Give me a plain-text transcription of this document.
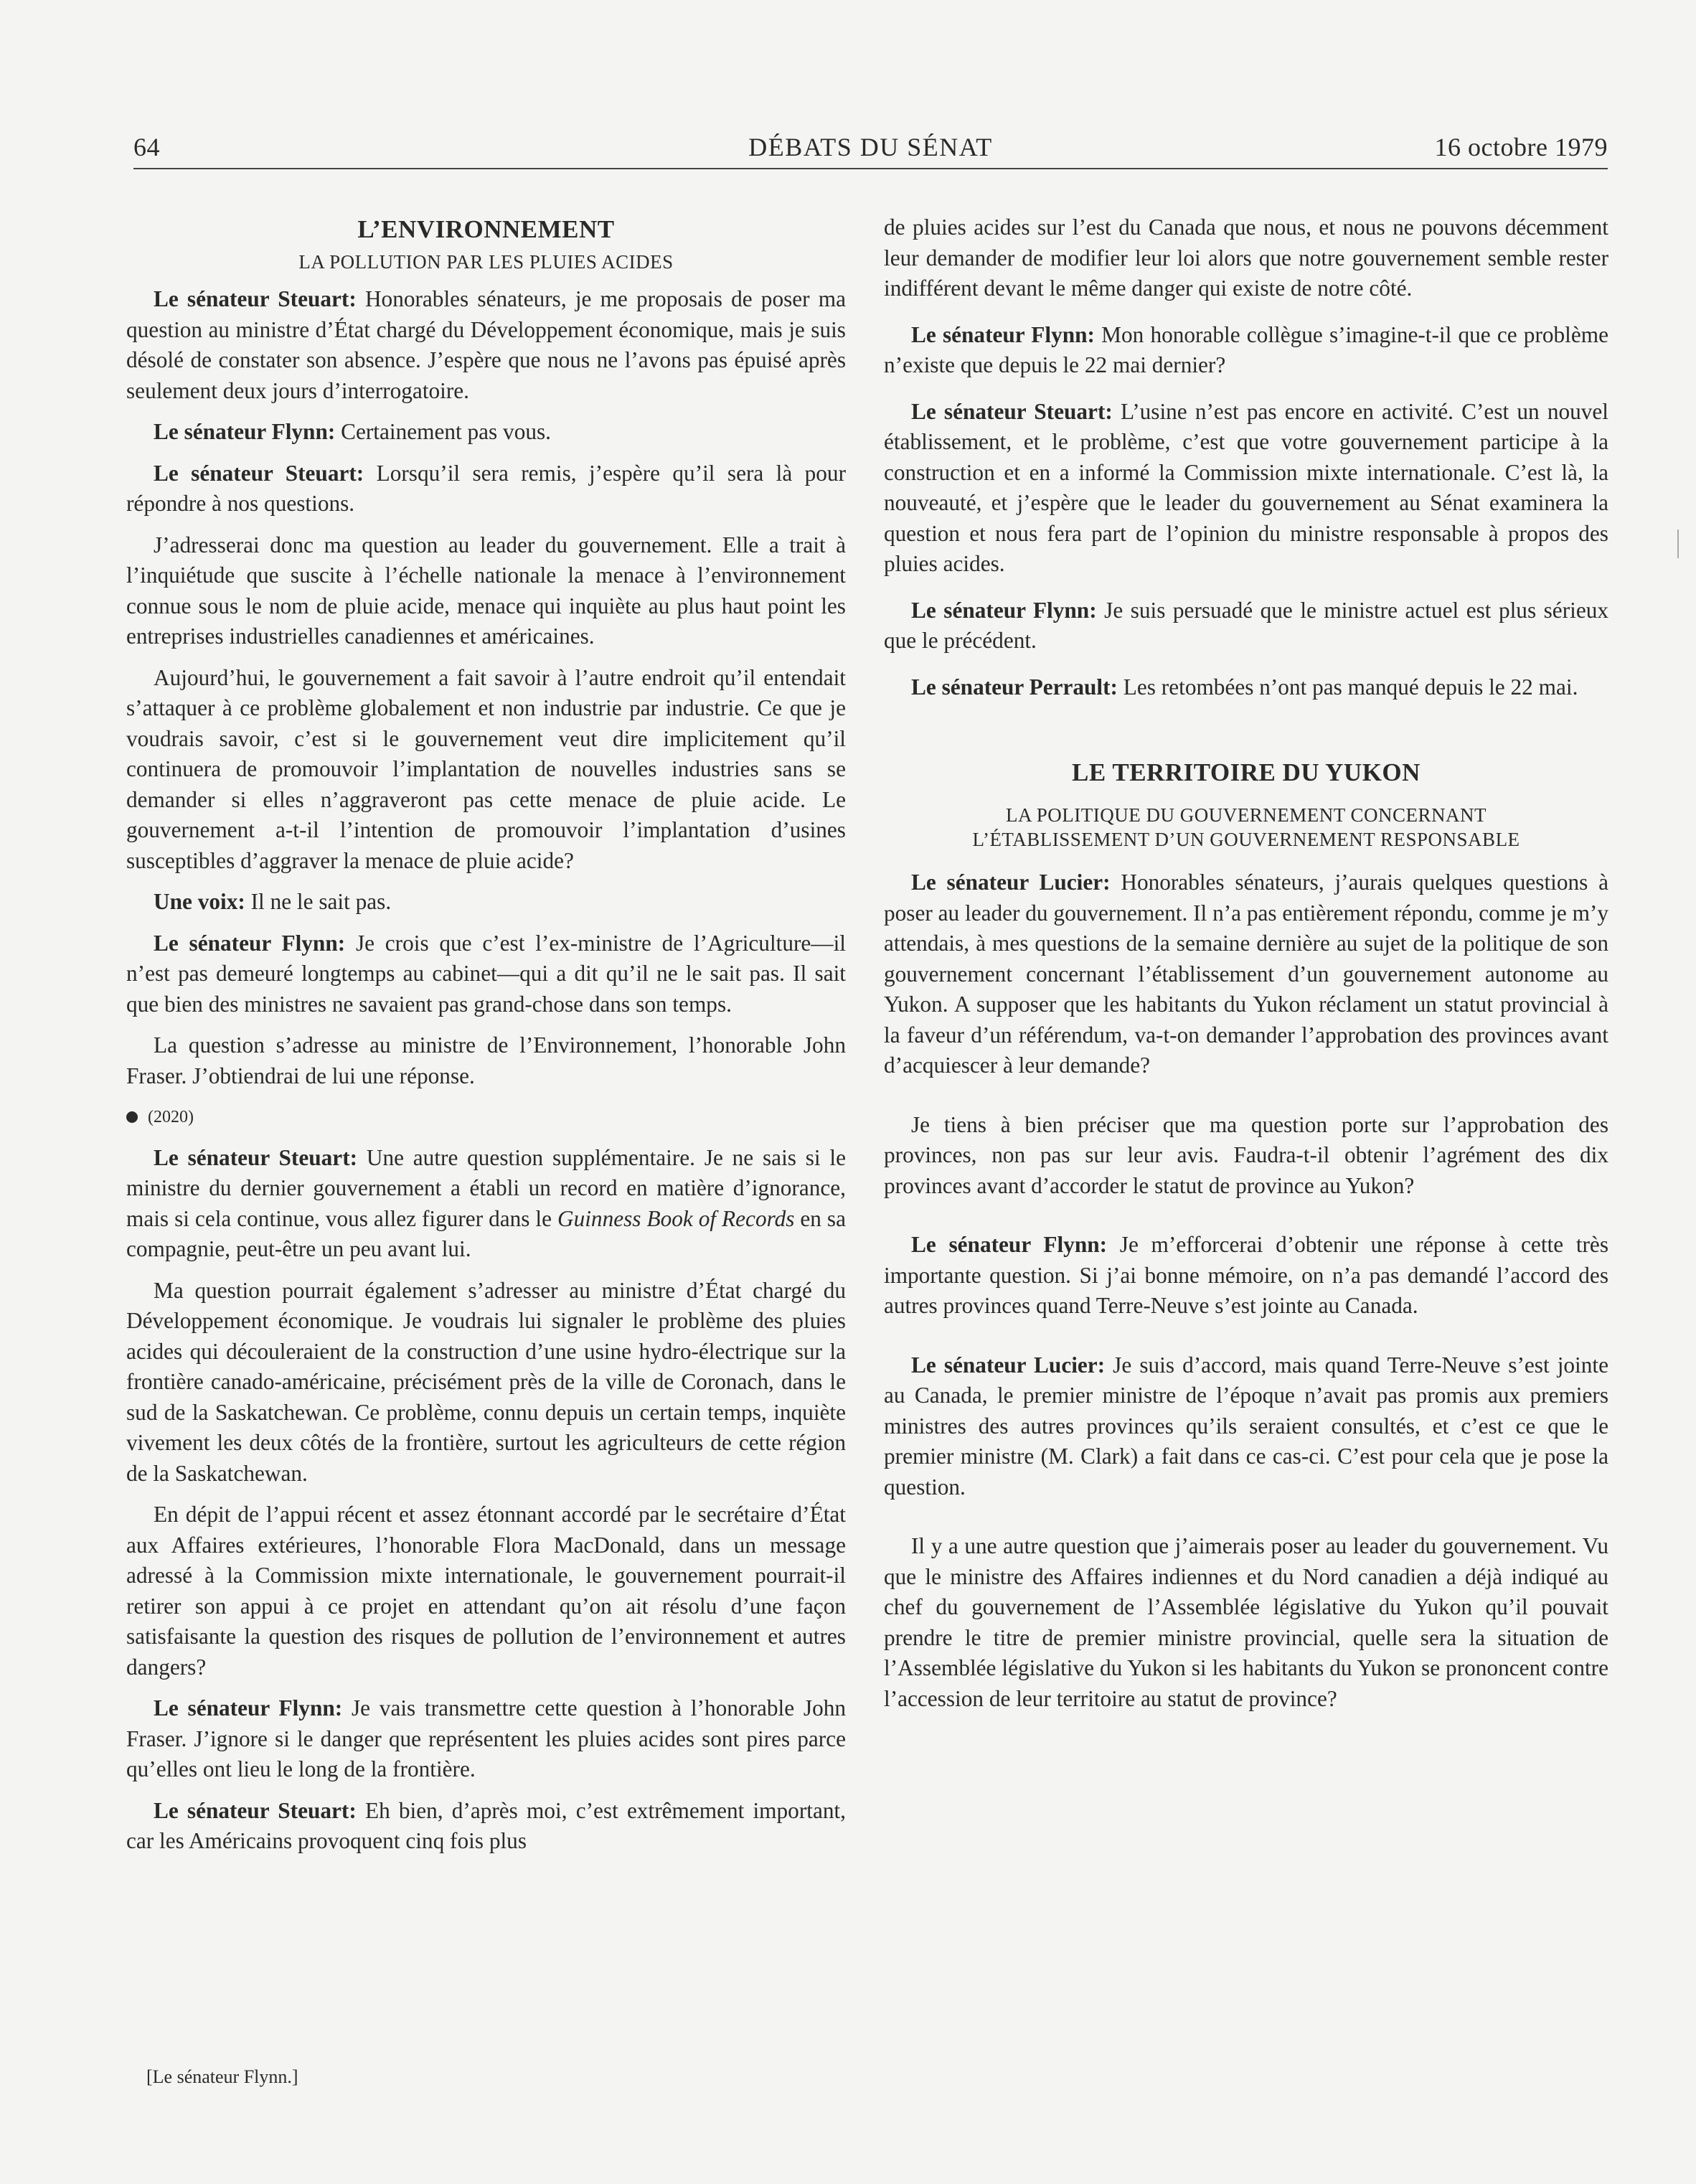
64	DÉBATS DU SÉNAT	16 octobre 1979
L’ENVIRONNEMENT
LA POLLUTION PAR LES PLUIES ACIDES

Le sénateur Steuart: Honorables sénateurs, je me proposais de poser ma question au ministre d’État chargé du Développement économique, mais je suis désolé de constater son absence. J’espère que nous ne l’avons pas épuisé après seulement deux jours d’interrogatoire.

Le sénateur Flynn: Certainement pas vous.

Le sénateur Steuart: Lorsqu’il sera remis, j’espère qu’il sera là pour répondre à nos questions.

J’adresserai donc ma question au leader du gouvernement. Elle a trait à l’inquiétude que suscite à l’échelle nationale la menace à l’environnement connue sous le nom de pluie acide, menace qui inquiète au plus haut point les entreprises industrielles canadiennes et américaines.

Aujourd’hui, le gouvernement a fait savoir à l’autre endroit qu’il entendait s’attaquer à ce problème globalement et non industrie par industrie. Ce que je voudrais savoir, c’est si le gouvernement veut dire implicitement qu’il continuera de promouvoir l’implantation de nouvelles industries sans se demander si elles n’aggraveront pas cette menace de pluie acide. Le gouvernement a-t-il l’intention de promouvoir l’implantation d’usines susceptibles d’aggraver la menace de pluie acide?

Une voix: Il ne le sait pas.

Le sénateur Flynn: Je crois que c’est l’ex-ministre de l’Agriculture—il n’est pas demeuré longtemps au cabinet—qui a dit qu’il ne le sait pas. Il sait que bien des ministres ne savaient pas grand-chose dans son temps.

La question s’adresse au ministre de l’Environnement, l’honorable John Fraser. J’obtiendrai de lui une réponse.

(2020)

Le sénateur Steuart: Une autre question supplémentaire. Je ne sais si le ministre du dernier gouvernement a établi un record en matière d’ignorance, mais si cela continue, vous allez figurer dans le Guinness Book of Records en sa compagnie, peut-être un peu avant lui.

Ma question pourrait également s’adresser au ministre d’État chargé du Développement économique. Je voudrais lui signaler le problème des pluies acides qui découleraient de la construction d’une usine hydro-électrique sur la frontière canado-américaine, précisément près de la ville de Coronach, dans le sud de la Saskatchewan. Ce problème, connu depuis un certain temps, inquiète vivement les deux côtés de la frontière, surtout les agriculteurs de cette région de la Saskatchewan.

En dépit de l’appui récent et assez étonnant accordé par le secrétaire d’État aux Affaires extérieures, l’honorable Flora MacDonald, dans un message adressé à la Commission mixte internationale, le gouvernement pourrait-il retirer son appui à ce projet en attendant qu’on ait résolu d’une façon satisfaisante la question des risques de pollution de l’environnement et autres dangers?

Le sénateur Flynn: Je vais transmettre cette question à l’honorable John Fraser. J’ignore si le danger que représentent les pluies acides sont pires parce qu’elles ont lieu le long de la frontière.

Le sénateur Steuart: Eh bien, d’après moi, c’est extrêmement important, car les Américains provoquent cinq fois plus

de pluies acides sur l’est du Canada que nous, et nous ne pouvons décemment leur demander de modifier leur loi alors que notre gouvernement semble rester indifférent devant le même danger qui existe de notre côté.

Le sénateur Flynn: Mon honorable collègue s’imagine-t-il que ce problème n’existe que depuis le 22 mai dernier?

Le sénateur Steuart: L’usine n’est pas encore en activité. C’est un nouvel établissement, et le problème, c’est que votre gouvernement participe à la construction et en a informé la Commission mixte internationale. C’est là, la nouveauté, et j’espère que le leader du gouvernement au Sénat examinera la question et nous fera part de l’opinion du ministre responsable à propos des pluies acides.

Le sénateur Flynn: Je suis persuadé que le ministre actuel est plus sérieux que le précédent.

Le sénateur Perrault: Les retombées n’ont pas manqué depuis le 22 mai.

LE TERRITOIRE DU YUKON
LA POLITIQUE DU GOUVERNEMENT CONCERNANT
L’ÉTABLISSEMENT D’UN GOUVERNEMENT RESPONSABLE

Le sénateur Lucier: Honorables sénateurs, j’aurais quelques questions à poser au leader du gouvernement. Il n’a pas entièrement répondu, comme je m’y attendais, à mes questions de la semaine dernière au sujet de la politique de son gouvernement concernant l’établissement d’un gouvernement autonome au Yukon. A supposer que les habitants du Yukon réclament un statut provincial à la faveur d’un référendum, va-t-on demander l’approbation des provinces avant d’acquiescer à leur demande?

Je tiens à bien préciser que ma question porte sur l’approbation des provinces, non pas sur leur avis. Faudra-t-il obtenir l’agrément des dix provinces avant d’accorder le statut de province au Yukon?

Le sénateur Flynn: Je m’efforcerai d’obtenir une réponse à cette très importante question. Si j’ai bonne mémoire, on n’a pas demandé l’accord des autres provinces quand Terre-Neuve s’est jointe au Canada.

Le sénateur Lucier: Je suis d’accord, mais quand Terre-Neuve s’est jointe au Canada, le premier ministre de l’époque n’avait pas promis aux premiers ministres des autres provinces qu’ils seraient consultés, et c’est ce que le premier ministre (M. Clark) a fait dans ce cas-ci. C’est pour cela que je pose la question.

Il y a une autre question que j’aimerais poser au leader du gouvernement. Vu que le ministre des Affaires indiennes et du Nord canadien a déjà indiqué au chef du gouvernement de l’Assemblée législative du Yukon qu’il pouvait prendre le titre de premier ministre provincial, quelle sera la situation de l’Assemblée législative du Yukon si les habitants du Yukon se prononcent contre l’accession de leur territoire au statut de province?

[Le sénateur Flynn.]
